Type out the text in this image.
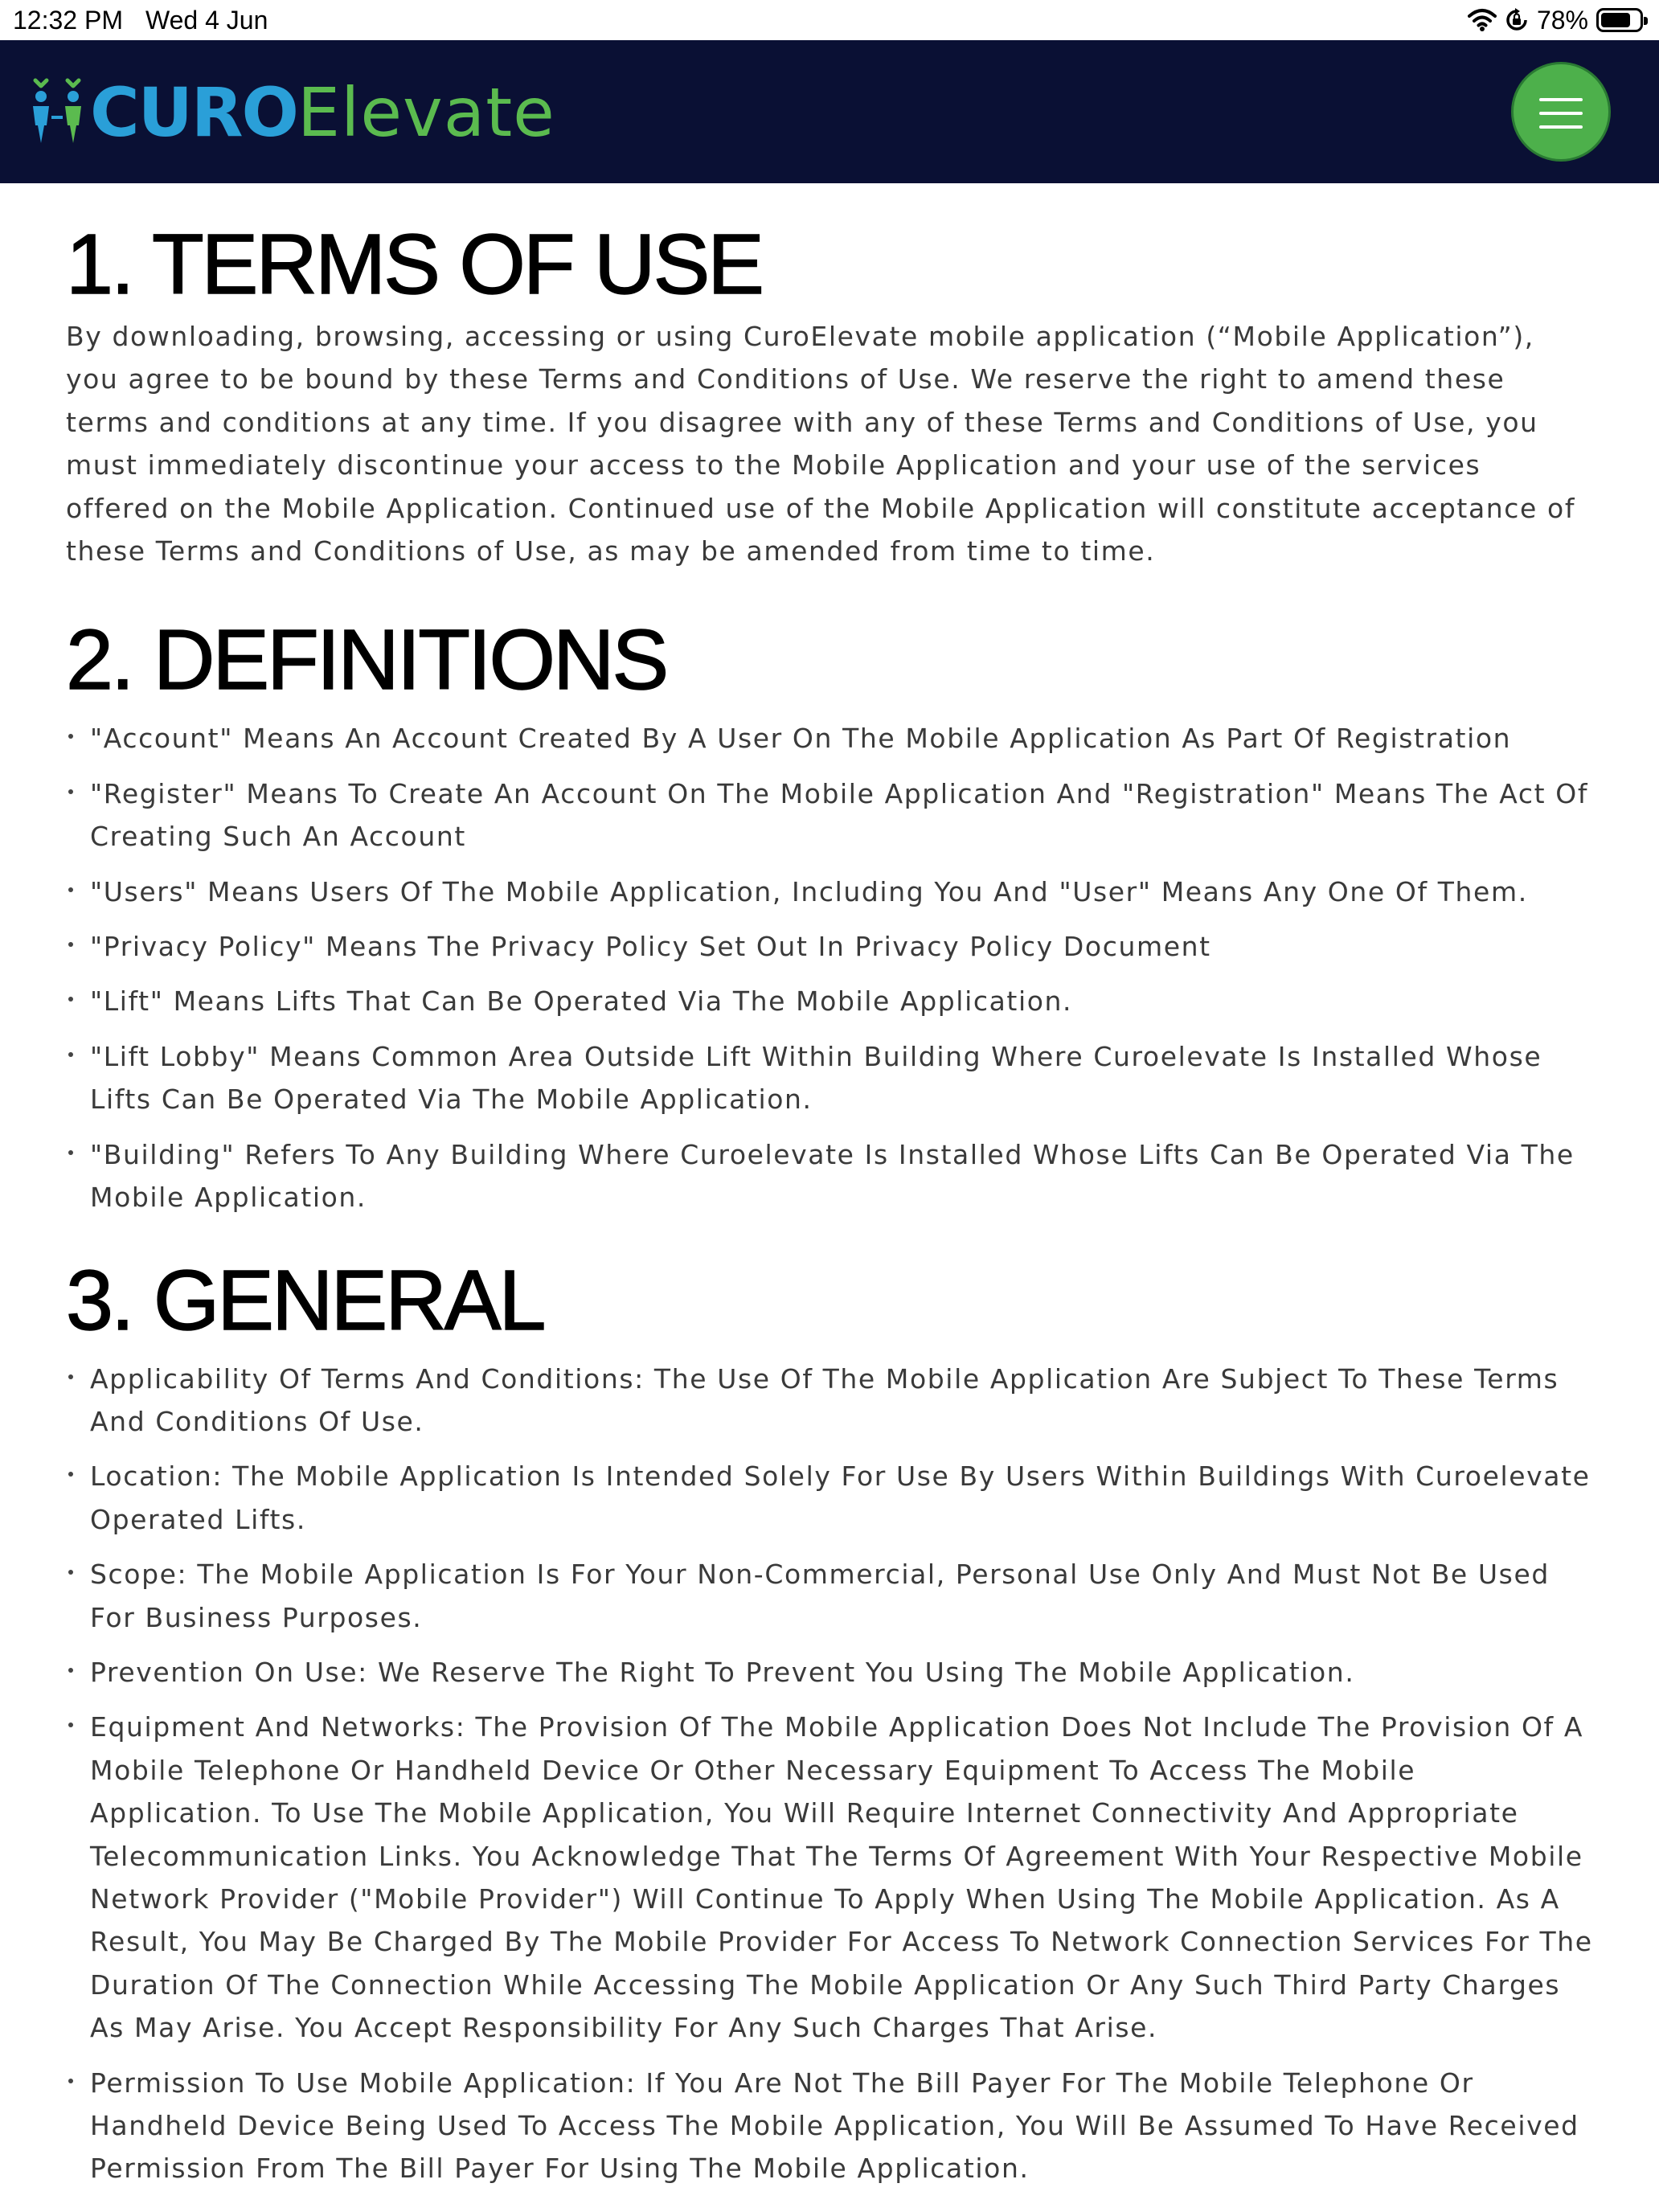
12:32 PM Wed 4 Jun	78%
CURO Elevate
1. TERMS OF USE

By downloading, browsing, accessing or using CuroElevate mobile application (“Mobile Application”), you agree to be bound by these Terms and Conditions of Use. We reserve the right to amend these terms and conditions at any time. If you disagree with any of these Terms and Conditions of Use, you must immediately discontinue your access to the Mobile Application and your use of the services offered on the Mobile Application. Continued use of the Mobile Application will constitute acceptance of these Terms and Conditions of Use, as may be amended from time to time.

2. DEFINITIONS
"Account" Means An Account Created By A User On The Mobile Application As Part Of Registration
"Register" Means To Create An Account On The Mobile Application And "Registration" Means The Act Of Creating Such An Account
"Users" Means Users Of The Mobile Application, Including You And "User" Means Any One Of Them.
"Privacy Policy" Means The Privacy Policy Set Out In Privacy Policy Document
"Lift" Means Lifts That Can Be Operated Via The Mobile Application.
"Lift Lobby" Means Common Area Outside Lift Within Building Where Curoelevate Is Installed Whose Lifts Can Be Operated Via The Mobile Application.
"Building" Refers To Any Building Where Curoelevate Is Installed Whose Lifts Can Be Operated Via The Mobile Application.
3. GENERAL
Applicability Of Terms And Conditions: The Use Of The Mobile Application Are Subject To These Terms And Conditions Of Use.
Location: The Mobile Application Is Intended Solely For Use By Users Within Buildings With Curoelevate Operated Lifts.
Scope: The Mobile Application Is For Your Non-Commercial, Personal Use Only And Must Not Be Used For Business Purposes.
Prevention On Use: We Reserve The Right To Prevent You Using The Mobile Application.
Equipment And Networks: The Provision Of The Mobile Application Does Not Include The Provision Of A Mobile Telephone Or Handheld Device Or Other Necessary Equipment To Access The Mobile Application. To Use The Mobile Application, You Will Require Internet Connectivity And Appropriate Telecommunication Links. You Acknowledge That The Terms Of Agreement With Your Respective Mobile Network Provider ("Mobile Provider") Will Continue To Apply When Using The Mobile Application. As A Result, You May Be Charged By The Mobile Provider For Access To Network Connection Services For The Duration Of The Connection While Accessing The Mobile Application Or Any Such Third Party Charges As May Arise. You Accept Responsibility For Any Such Charges That Arise.
Permission To Use Mobile Application: If You Are Not The Bill Payer For The Mobile Telephone Or Handheld Device Being Used To Access The Mobile Application, You Will Be Assumed To Have Received Permission From The Bill Payer For Using The Mobile Application.
